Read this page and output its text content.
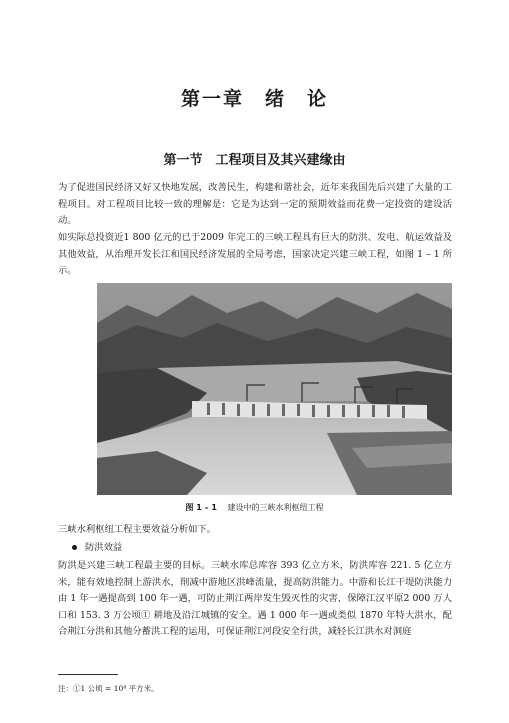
第一章　绪　论
第一节　工程项目及其兴建缘由

为了促进国民经济又好又快地发展，改善民生，构建和谐社会，近年来我国先后兴建了大量的工程项目。对工程项目比较一致的理解是：它是为达到一定的预期效益而花费一定投资的建设活动。

如实际总投资近1 800 亿元的已于2009 年完工的三峡工程具有巨大的防洪、发电、航运效益及其他效益，从治理开发长江和国民经济发展的全局考虑，国家决定兴建三峡工程，如图 1 – 1 所示。

图 1 – 1 建设中的三峡水利枢纽工程

三峡水利枢纽工程主要效益分析如下。

防洪效益

防洪是兴建三峡工程最主要的目标。三峡水库总库容 393 亿立方米，防洪库容 221. 5 亿立方米，能有效地控制上游洪水，削减中游地区洪峰流量，提高防洪能力。中游和长江干堤防洪能力由 1 年一遇提高到 100 年一遇，可防止荆江两岸发生毁灭性的灾害，保障江汉平原2 000 万人口和 153. 3 万公顷① 耕地及沿江城镇的安全。遇 1 000 年一遇或类似 1870 年特大洪水，配合荆江分洪和其他分蓄洪工程的运用，可保证荆江河段安全行洪，减轻长江洪水对洞庭

注：①1 公顷 = 10⁴ 平方米。
